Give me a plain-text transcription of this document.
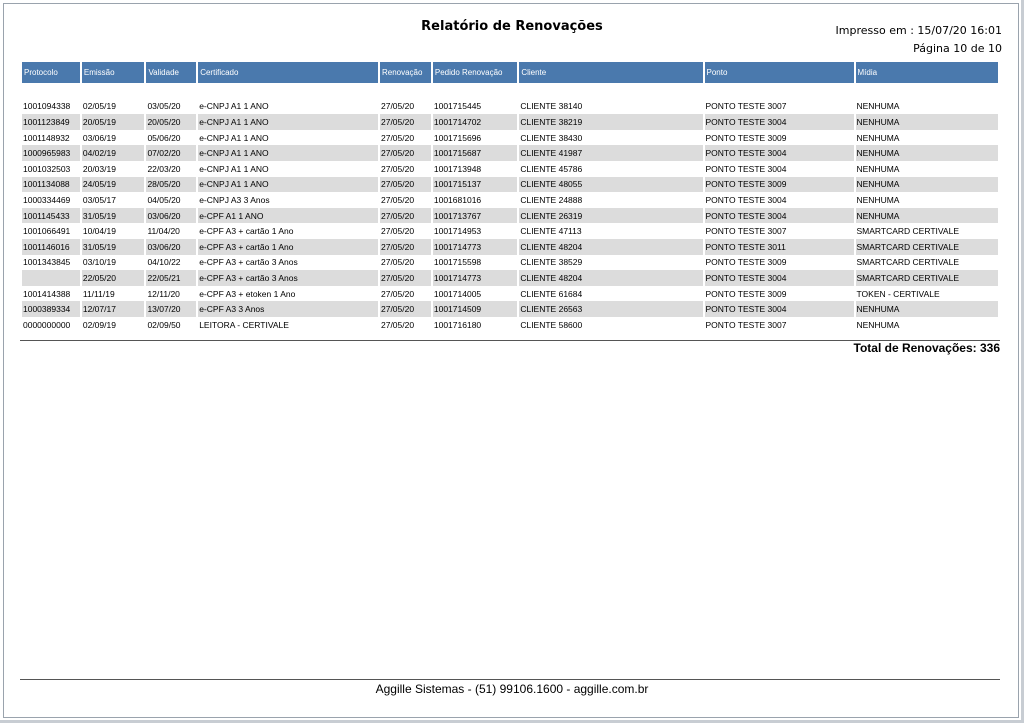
Relatório de Renovações	Impresso em : 15/07/20 16:01
Página 10 de 10
Protocolo	Emissão	Validade	Certificado	Renovação	Pedido Renovação	Cliente	Ponto	Mídia

1001094338	02/05/19	03/05/20	e-CNPJ A1 1 ANO	27/05/20	1001715445	CLIENTE 38140	PONTO TESTE 3007	NENHUMA
1001123849	20/05/19	20/05/20	e-CNPJ A1 1 ANO	27/05/20	1001714702	CLIENTE 38219	PONTO TESTE 3004	NENHUMA
1001148932	03/06/19	05/06/20	e-CNPJ A1 1 ANO	27/05/20	1001715696	CLIENTE 38430	PONTO TESTE 3009	NENHUMA
1000965983	04/02/19	07/02/20	e-CNPJ A1 1 ANO	27/05/20	1001715687	CLIENTE 41987	PONTO TESTE 3004	NENHUMA
1001032503	20/03/19	22/03/20	e-CNPJ A1 1 ANO	27/05/20	1001713948	CLIENTE 45786	PONTO TESTE 3004	NENHUMA
1001134088	24/05/19	28/05/20	e-CNPJ A1 1 ANO	27/05/20	1001715137	CLIENTE 48055	PONTO TESTE 3009	NENHUMA
1000334469	03/05/17	04/05/20	e-CNPJ A3 3 Anos	27/05/20	1001681016	CLIENTE 24888	PONTO TESTE 3004	NENHUMA
1001145433	31/05/19	03/06/20	e-CPF A1 1 ANO	27/05/20	1001713767	CLIENTE 26319	PONTO TESTE 3004	NENHUMA
1001066491	10/04/19	11/04/20	e-CPF A3 + cartão 1 Ano	27/05/20	1001714953	CLIENTE 47113	PONTO TESTE 3007	SMARTCARD CERTIVALE
1001146016	31/05/19	03/06/20	e-CPF A3 + cartão 1 Ano	27/05/20	1001714773	CLIENTE 48204	PONTO TESTE 3011	SMARTCARD CERTIVALE
1001343845	03/10/19	04/10/22	e-CPF A3 + cartão 3 Anos	27/05/20	1001715598	CLIENTE 38529	PONTO TESTE 3009	SMARTCARD CERTIVALE
	22/05/20	22/05/21	e-CPF A3 + cartão 3 Anos	27/05/20	1001714773	CLIENTE 48204	PONTO TESTE 3004	SMARTCARD CERTIVALE
1001414388	11/11/19	12/11/20	e-CPF A3 + etoken 1 Ano	27/05/20	1001714005	CLIENTE 61684	PONTO TESTE 3009	TOKEN - CERTIVALE
1000389334	12/07/17	13/07/20	e-CPF A3 3 Anos	27/05/20	1001714509	CLIENTE 26563	PONTO TESTE 3004	NENHUMA
0000000000	02/09/19	02/09/50	LEITORA - CERTIVALE	27/05/20	1001716180	CLIENTE 58600	PONTO TESTE 3007	NENHUMA
Total de Renovações: 336
Aggille Sistemas - (51) 99106.1600 - aggille.com.br
